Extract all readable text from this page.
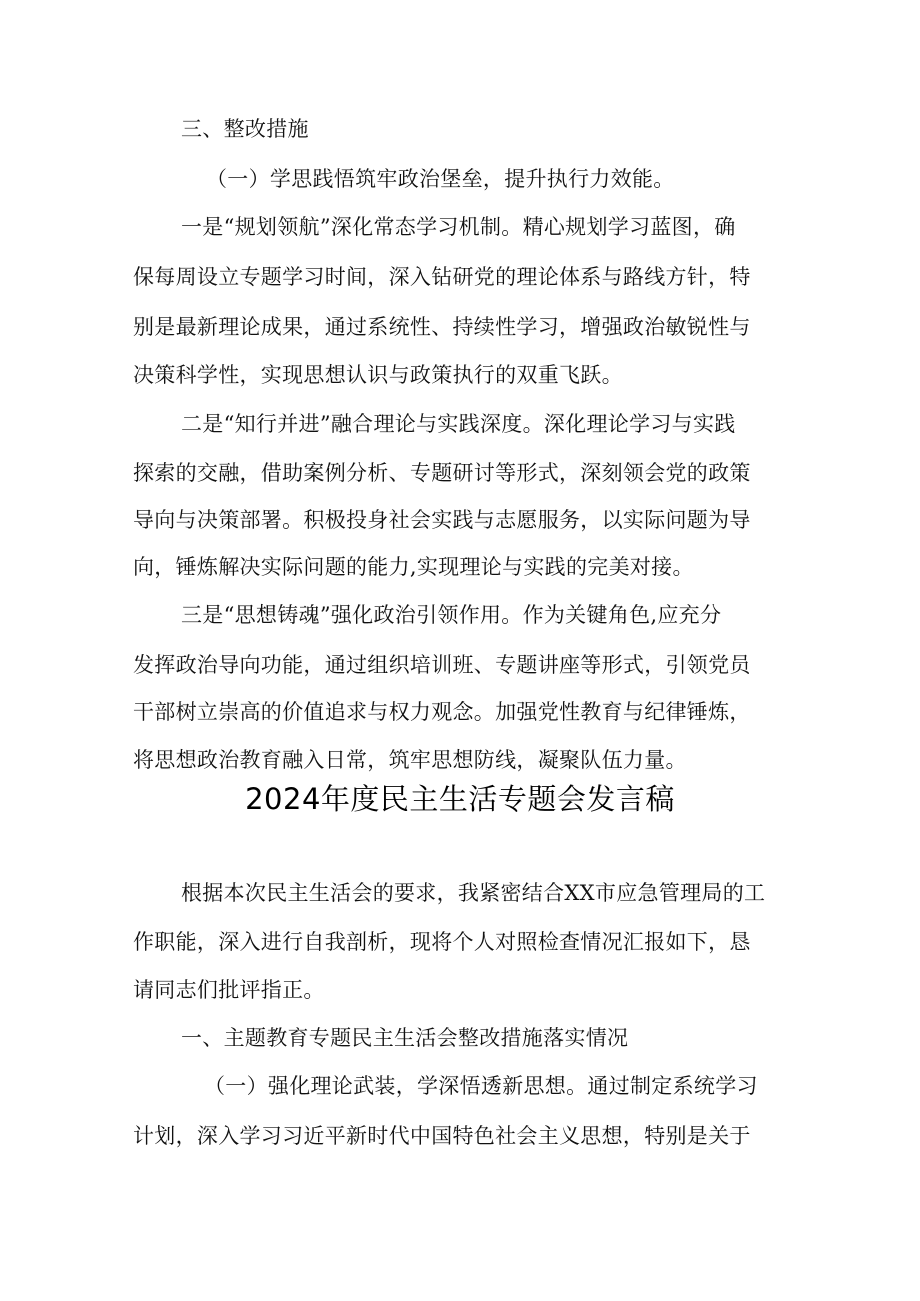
三、整改措施
（一）学思践悟筑牢政治堡垒，提升执行力效能。
一是“规划领航”深化常态学习机制。精心规划学习蓝图，确
保每周设立专题学习时间，深入钻研党的理论体系与路线方针，特
别是最新理论成果，通过系统性、持续性学习，增强政治敏锐性与
决策科学性，实现思想认识与政策执行的双重飞跃。
二是“知行并进”融合理论与实践深度。深化理论学习与实践
探索的交融，借助案例分析、专题研讨等形式，深刻领会党的政策
导向与决策部署。积极投身社会实践与志愿服务，以实际问题为导
向，锤炼解决实际问题的能力,实现理论与实践的完美对接。
三是“思想铸魂”强化政治引领作用。作为关键角色,应充分
发挥政治导向功能，通过组织培训班、专题讲座等形式，引领党员
干部树立崇高的价值追求与权力观念。加强党性教育与纪律锤炼，
将思想政治教育融入日常，筑牢思想防线，凝聚队伍力量。
2024年度民主生活专题会发言稿
根据本次民主生活会的要求，我紧密结合XX市应急管理局的工
作职能，深入进行自我剖析，现将个人对照检查情况汇报如下，恳
请同志们批评指正。
一、主题教育专题民主生活会整改措施落实情况
（一）强化理论武装，学深悟透新思想。通过制定系统学习
计划，深入学习习近平新时代中国特色社会主义思想，特别是关于
